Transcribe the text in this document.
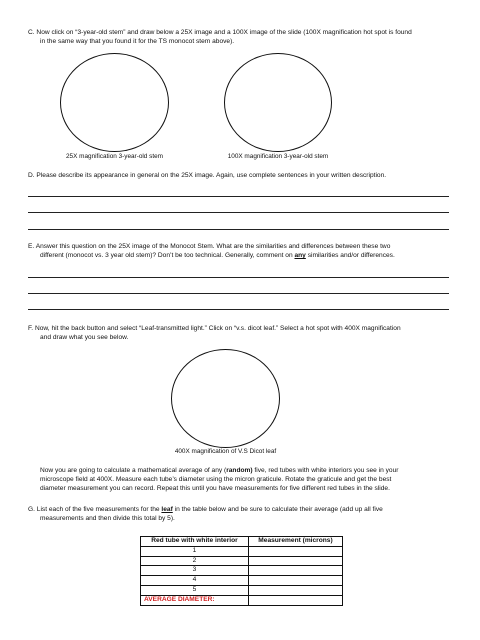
C. Now click on “3-year-old stem” and draw below a 25X image and a 100X image of the slide (100X magnification hot spot is found
in the same way that you found it for the TS monocot stem above).
25X magnification 3-year-old stem	100X magnification 3-year-old stem
D. Please describe its appearance in general on the 25X image. Again, use complete sentences in your written description.
E. Answer this question on the 25X image of the Monocot Stem. What are the similarities and differences between these two
different (monocot vs. 3 year old stem)? Don’t be too technical. Generally, comment on any similarities and/or differences.
F. Now, hit the back button and select “Leaf-transmitted light.” Click on “v.s. dicot leaf.” Select a hot spot with 400X magnification
and draw what you see below.
400X magnification of V.S Dicot leaf
Now you are going to calculate a mathematical average of any (random) five, red tubes with white interiors you see in your
microscope field at 400X. Measure each tube’s diameter using the micron graticule. Rotate the graticule and get the best
diameter measurement you can record. Repeat this until you have measurements for five different red tubes in the slide.
G. List each of the five measurements for the leaf in the table below and be sure to calculate their average (add up all five
measurements and then divide this total by 5).
Red tube with white interior	Measurement (microns)
1	
2	
3	
4	
5	
AVERAGE DIAMETER:	
